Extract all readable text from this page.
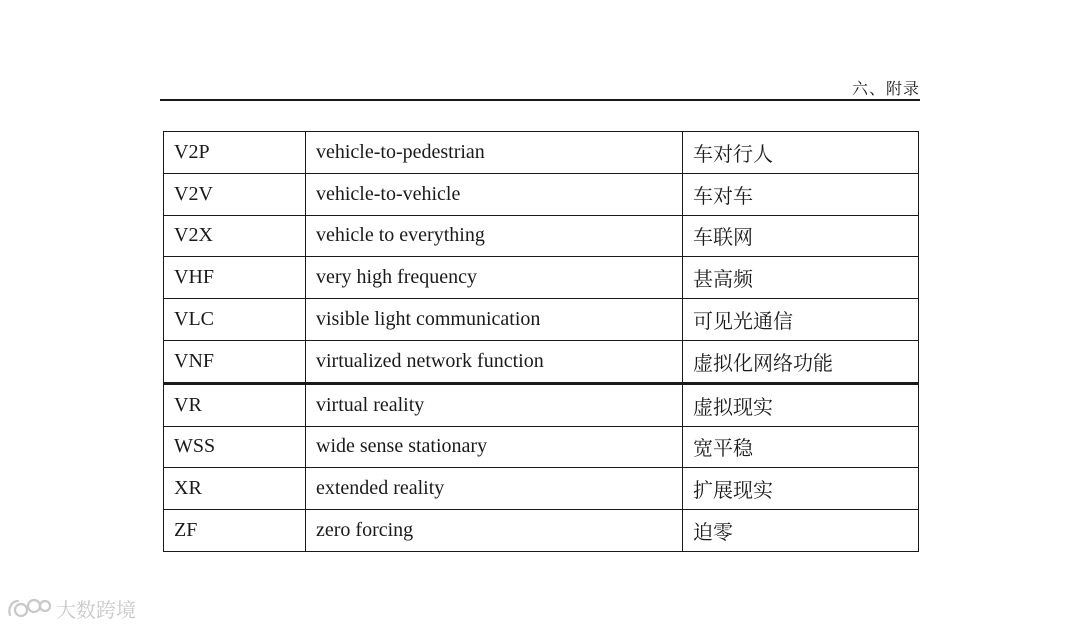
六、附录
V2P	vehicle-to-pedestrian	车对行人
V2V	vehicle-to-vehicle	车对车
V2X	vehicle to everything	车联网
VHF	very high frequency	甚高频
VLC	visible light communication	可见光通信
VNF	virtualized network function	虚拟化网络功能
VR	virtual reality	虚拟现实
WSS	wide sense stationary	宽平稳
XR	extended reality	扩展现实
ZF	zero forcing	迫零
大数跨境
